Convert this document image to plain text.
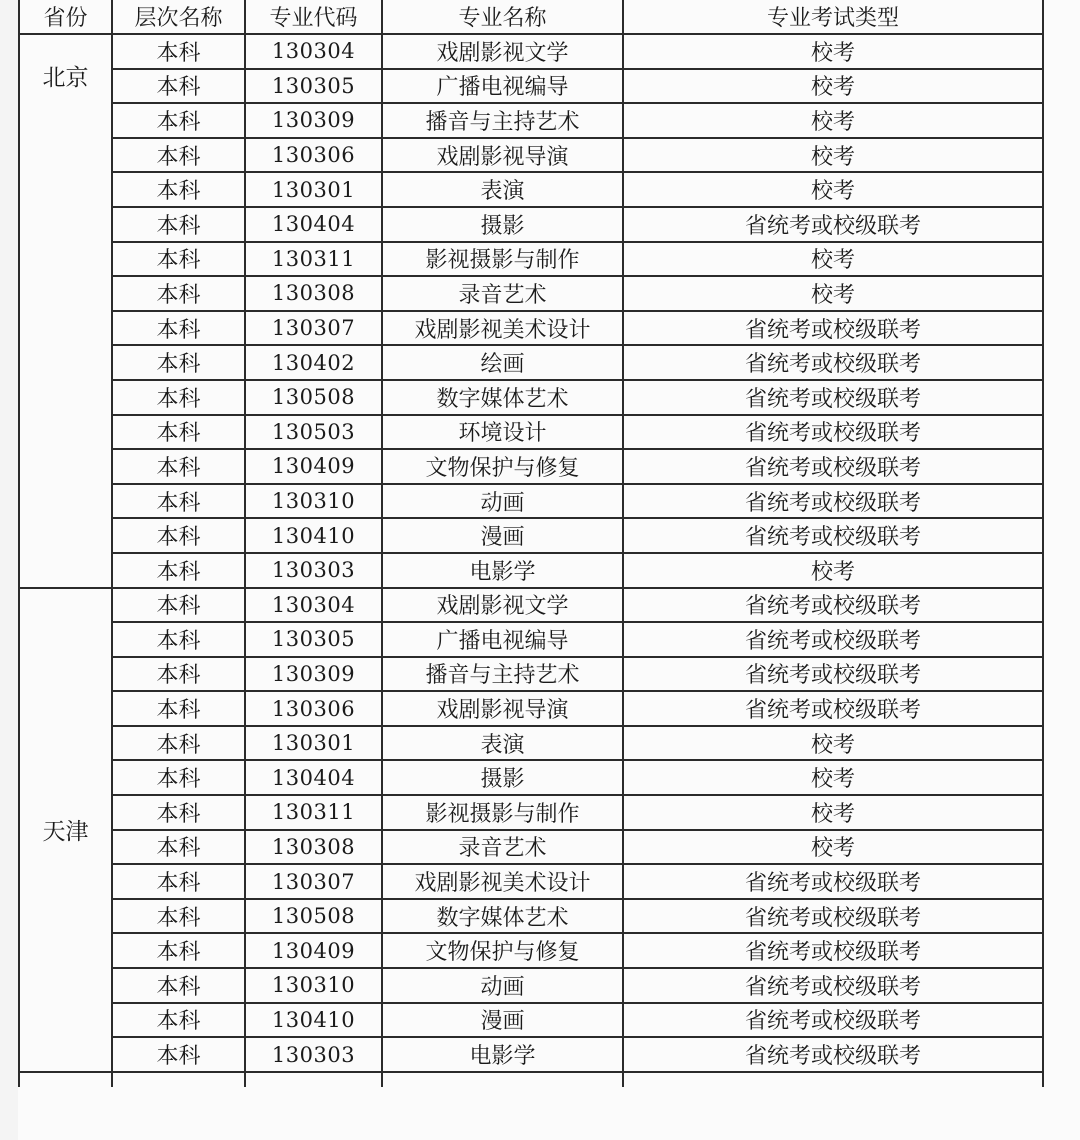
省份	层次名称	专业代码	专业名称	专业考试类型
北京	本科	130304	戏剧影视文学	校考
	本科	130305	广播电视编导	校考
	本科	130309	播音与主持艺术	校考
	本科	130306	戏剧影视导演	校考
	本科	130301	表演	校考
	本科	130404	摄影	省统考或校级联考
	本科	130311	影视摄影与制作	校考
	本科	130308	录音艺术	校考
	本科	130307	戏剧影视美术设计	省统考或校级联考
	本科	130402	绘画	省统考或校级联考
	本科	130508	数字媒体艺术	省统考或校级联考
	本科	130503	环境设计	省统考或校级联考
	本科	130409	文物保护与修复	省统考或校级联考
	本科	130310	动画	省统考或校级联考
	本科	130410	漫画	省统考或校级联考
	本科	130303	电影学	校考
天津	本科	130304	戏剧影视文学	省统考或校级联考
	本科	130305	广播电视编导	省统考或校级联考
	本科	130309	播音与主持艺术	省统考或校级联考
	本科	130306	戏剧影视导演	省统考或校级联考
	本科	130301	表演	校考
	本科	130404	摄影	校考
	本科	130311	影视摄影与制作	校考
	本科	130308	录音艺术	校考
	本科	130307	戏剧影视美术设计	省统考或校级联考
	本科	130508	数字媒体艺术	省统考或校级联考
	本科	130409	文物保护与修复	省统考或校级联考
	本科	130310	动画	省统考或校级联考
	本科	130410	漫画	省统考或校级联考
	本科	130303	电影学	省统考或校级联考
